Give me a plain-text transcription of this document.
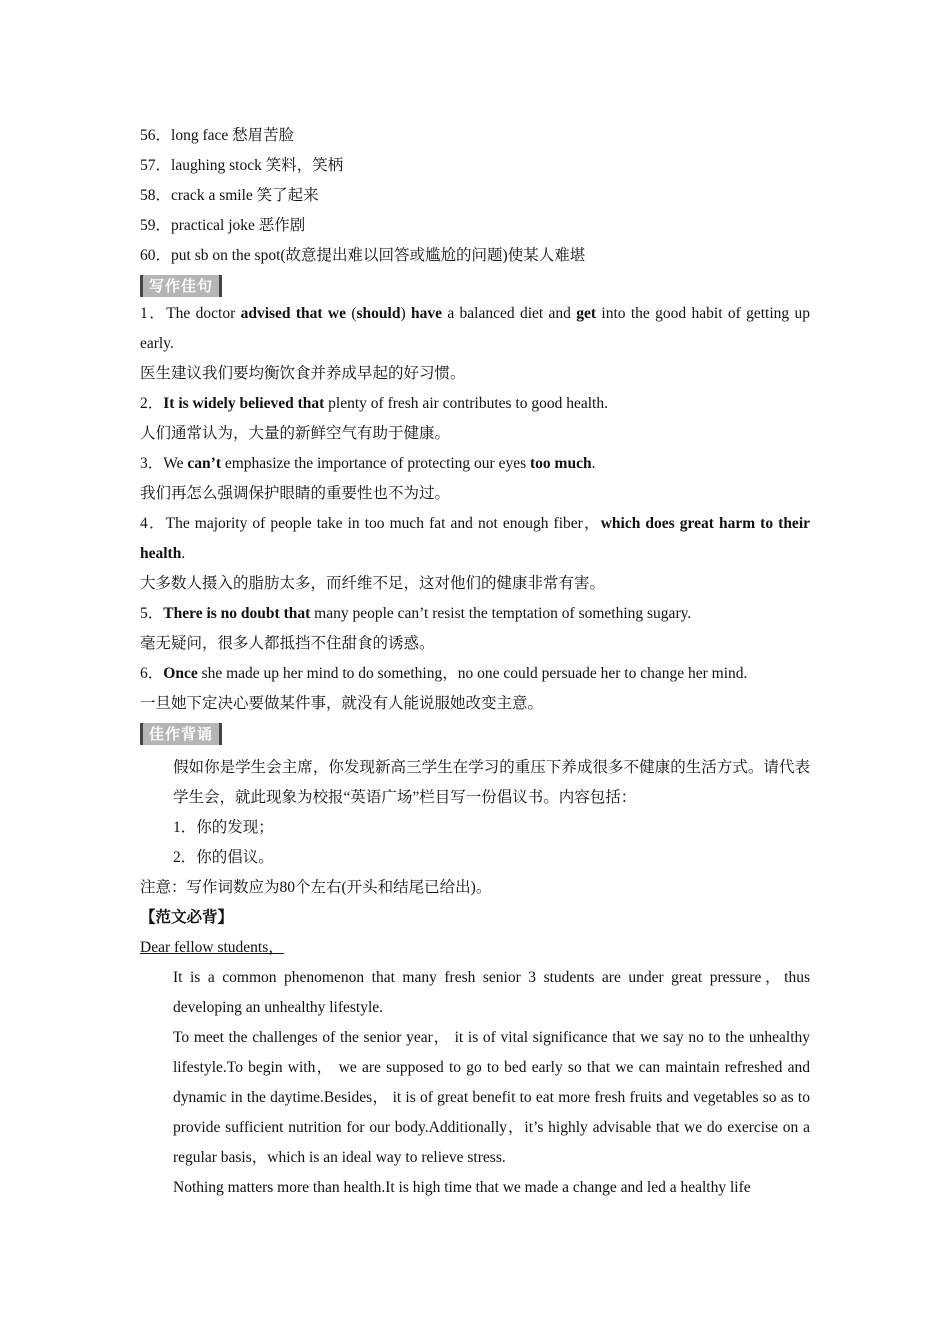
56．long face 愁眉苦脸

57．laughing stock 笑料，笑柄

58．crack a smile 笑了起来

59．practical joke 恶作剧

60．put sb on the spot(故意提出难以回答或尴尬的问题)使某人难堪

写作佳句

1．The doctor advised that we (should) have a balanced diet and get into the good habit of getting up early.

医生建议我们要均衡饮食并养成早起的好习惯。

2．It is widely believed that plenty of fresh air contributes to good health.

人们通常认为，大量的新鲜空气有助于健康。

3．We can’t emphasize the importance of protecting our eyes too much.

我们再怎么强调保护眼睛的重要性也不为过。

4．The majority of people take in too much fat and not enough fiber，which does great harm to their health.

大多数人摄入的脂肪太多，而纤维不足，这对他们的健康非常有害。

5．There is no doubt that many people can’t resist the temptation of something sugary.

毫无疑问，很多人都抵挡不住甜食的诱惑。

6．Once she made up her mind to do something，no one could persuade her to change her mind.

一旦她下定决心要做某件事，就没有人能说服她改变主意。

佳作背诵

假如你是学生会主席，你发现新高三学生在学习的重压下养成很多不健康的生活方式。请代表学生会，就此现象为校报“英语广场”栏目写一份倡议书。内容包括：

1．你的发现；

2．你的倡议。

注意：写作词数应为80个左右(开头和结尾已给出)。

【范文必背】

Dear fellow students，

It is a common phenomenon that many fresh senior 3 students are under great pressure，thus developing an unhealthy lifestyle.

To meet the challenges of the senior year， it is of vital significance that we say no to the unhealthy lifestyle.To begin with， we are supposed to go to bed early so that we can maintain refreshed and dynamic in the daytime.Besides， it is of great benefit to eat more fresh fruits and vegetables so as to provide sufficient nutrition for our body.Additionally，it’s highly advisable that we do exercise on a regular basis，which is an ideal way to relieve stress.

Nothing matters more than health.It is high time that we made a change and led a healthy life
